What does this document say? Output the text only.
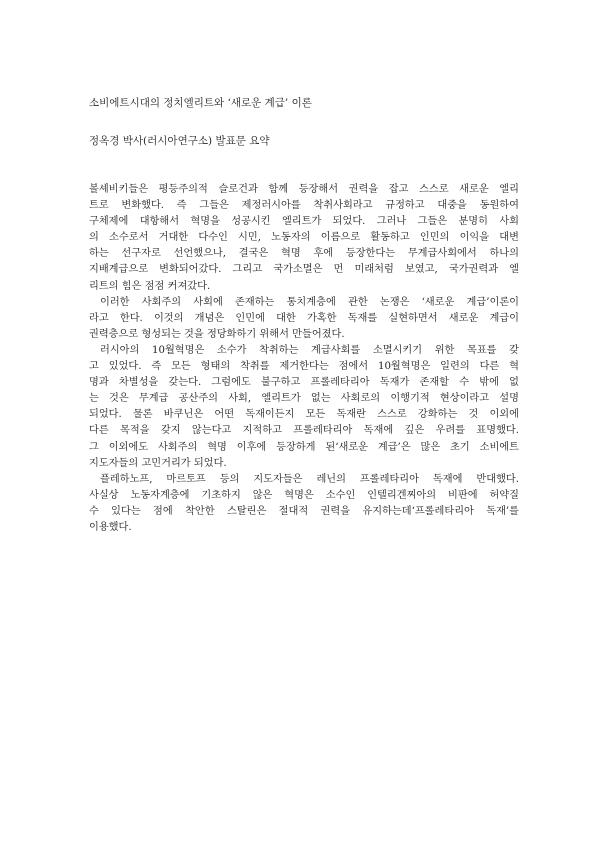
소비에트시대의 정치엘리트와 ‘새로운 계급’ 이론
정옥경 박사(러시아연구소) 발표문 요약
볼셰비키들은 평등주의적 슬로건과 함께 등장해서 권력을 잡고 스스로 새로운 엘리
트로 변화했다. 즉 그들은 제정러시아를 착취사회라고 규정하고 대중을 동원하여
구체제에 대항해서 혁명을 성공시킨 엘리트가 되었다. 그러나 그들은 분명히 사회
의 소수로서 거대한 다수인 시민, 노동자의 이름으로 활동하고 인민의 이익을 대변
하는 선구자로 선언했으나, 결국은 혁명 후에 등장한다는 무계급사회에서 하나의
지배계급으로 변화되어갔다. 그리고 국가소멸은 먼 미래처럼 보였고, 국가권력과 엘
리트의 힘은 점점 커져갔다.
이러한 사회주의 사회에 존재하는 통치계층에 관한 논쟁은 ‘새로운 계급’이론이
라고 한다. 이것의 개념은 인민에 대한 가혹한 독재를 실현하면서 새로운 계급이
권력층으로 형성되는 것을 정당화하기 위해서 만들어졌다.
러시아의 10월혁명은 소수가 착취하는 계급사회를 소멸시키기 위한 목표를 갖
고 있었다. 즉 모든 형태의 착취를 제거한다는 점에서 10월혁명은 일련의 다른 혁
명과 차별성을 갖는다. 그럼에도 불구하고 프롤레타리아 독재가 존재할 수 밖에 없
는 것은 무계급 공산주의 사회, 엘리트가 없는 사회로의 이행기적 현상이라고 설명
되었다. 물론 바쿠닌은 어떤 독재이든지 모든 독재란 스스로 강화하는 것 이외에
다른 목적을 갖지 않는다고 지적하고 프롤레타리아 독재에 깊은 우려를 표명했다.
그 이외에도 사회주의 혁명 이후에 등장하게 된‘새로운 계급’은 많은 초기 소비에트
지도자들의 고민거리가 되었다.
플레하노프, 마르토프 등의 지도자들은 레닌의 프롤레타리아 독재에 반대했다.
사실상 노동자계층에 기초하지 않은 혁명은 소수인 인텔리겐찌아의 비판에 허약질
수 있다는 점에 착안한 스탈린은 절대적 권력을 유지하는데‘프롤레타리아 독재’를
이용했다.
